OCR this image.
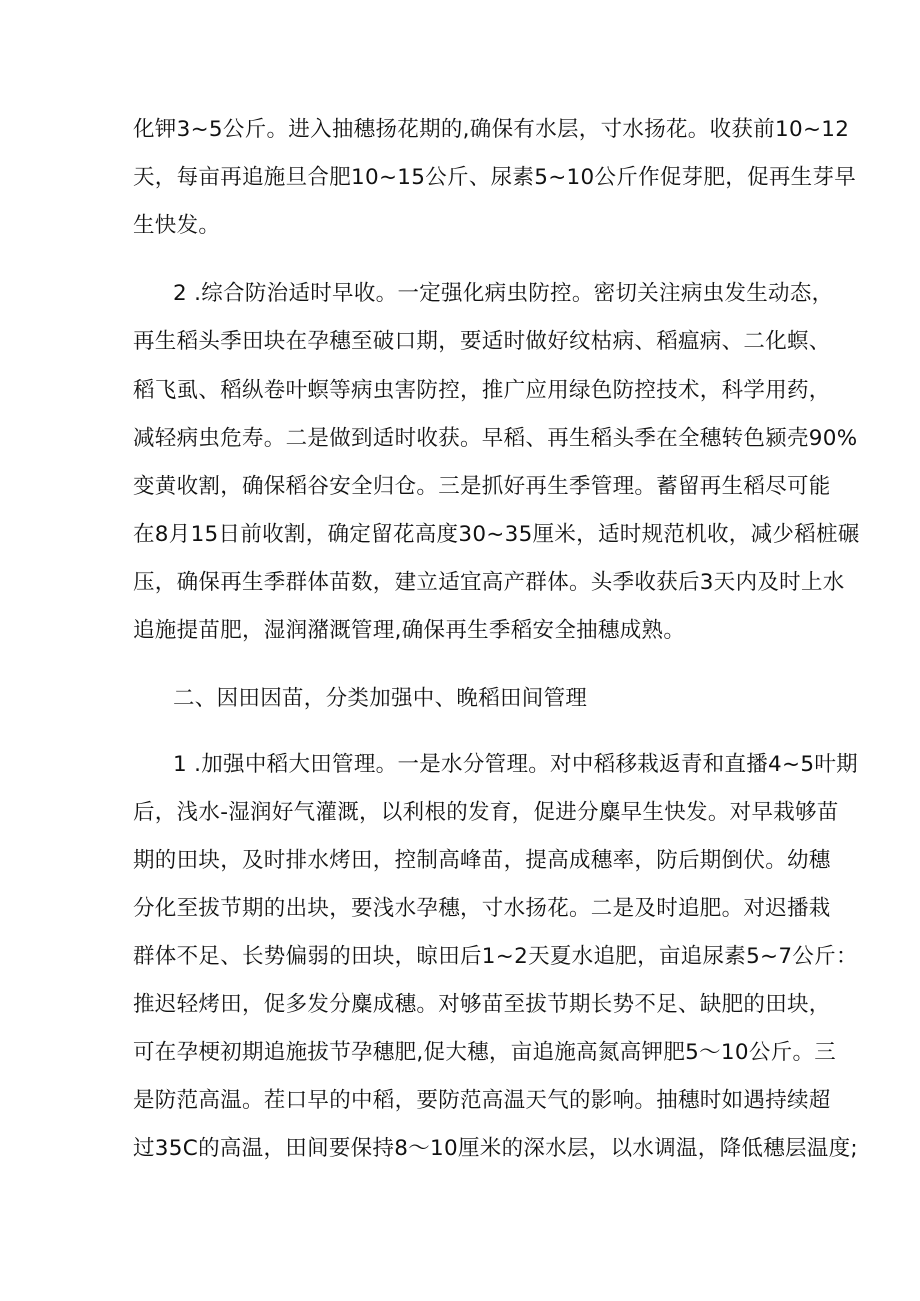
化钾3~5公斤。进入抽穗扬花期的,确保有水层，寸水扬花。收获前10~12
天，每亩再追施旦合肥10~15公斤、尿素5~10公斤作促芽肥，促再生芽早
生快发。
2 .综合防治适时早收。一定强化病虫防控。密切关注病虫发生动态，
再生稻头季田块在孕穗至破口期，要适时做好纹枯病、稻瘟病、二化螟、
稻飞虱、稻纵卷叶螟等病虫害防控，推广应用绿色防控技术，科学用药，
减轻病虫危寿。二是做到适时收获。早稻、再生稻头季在全穗转色颍壳90%
变黄收割，确保稻谷安全归仓。三是抓好再生季管理。蓄留再生稻尽可能
在8月15日前收割，确定留花高度30~35厘米，适时规范机收，减少稻桩碾
压，确保再生季群体苗数，建立适宜高产群体。头季收获后3天内及时上水
追施提苗肥，湿润潴溉管理,确保再生季稻安全抽穗成熟。
二、因田因苗，分类加强中、晚稻田间管理
1 .加强中稻大田管理。一是水分管理。对中稻移栽返青和直播4~5叶期
后，浅水-湿润好气灌溉，以利根的发育，促进分麋早生快发。对早栽够苗
期的田块，及时排水烤田，控制高峰苗，提高成穗率，防后期倒伏。幼穗
分化至拔节期的出块，要浅水孕穗，寸水扬花。二是及时追肥。对迟播栽
群体不足、长势偏弱的田块，晾田后1~2天夏水追肥，亩追尿素5~7公斤：
推迟轻烤田，促多发分麋成穗。对够苗至拔节期长势不足、缺肥的田块，
可在孕梗初期追施拔节孕穗肥,促大穗，亩追施高氮高钾肥5～10公斤。三
是防范高温。茬口早的中稻，要防范高温天气的影响。抽穗时如遇持续超
过35C的高温，田间要保持8～10厘米的深水层，以水调温，降低穗层温度;
